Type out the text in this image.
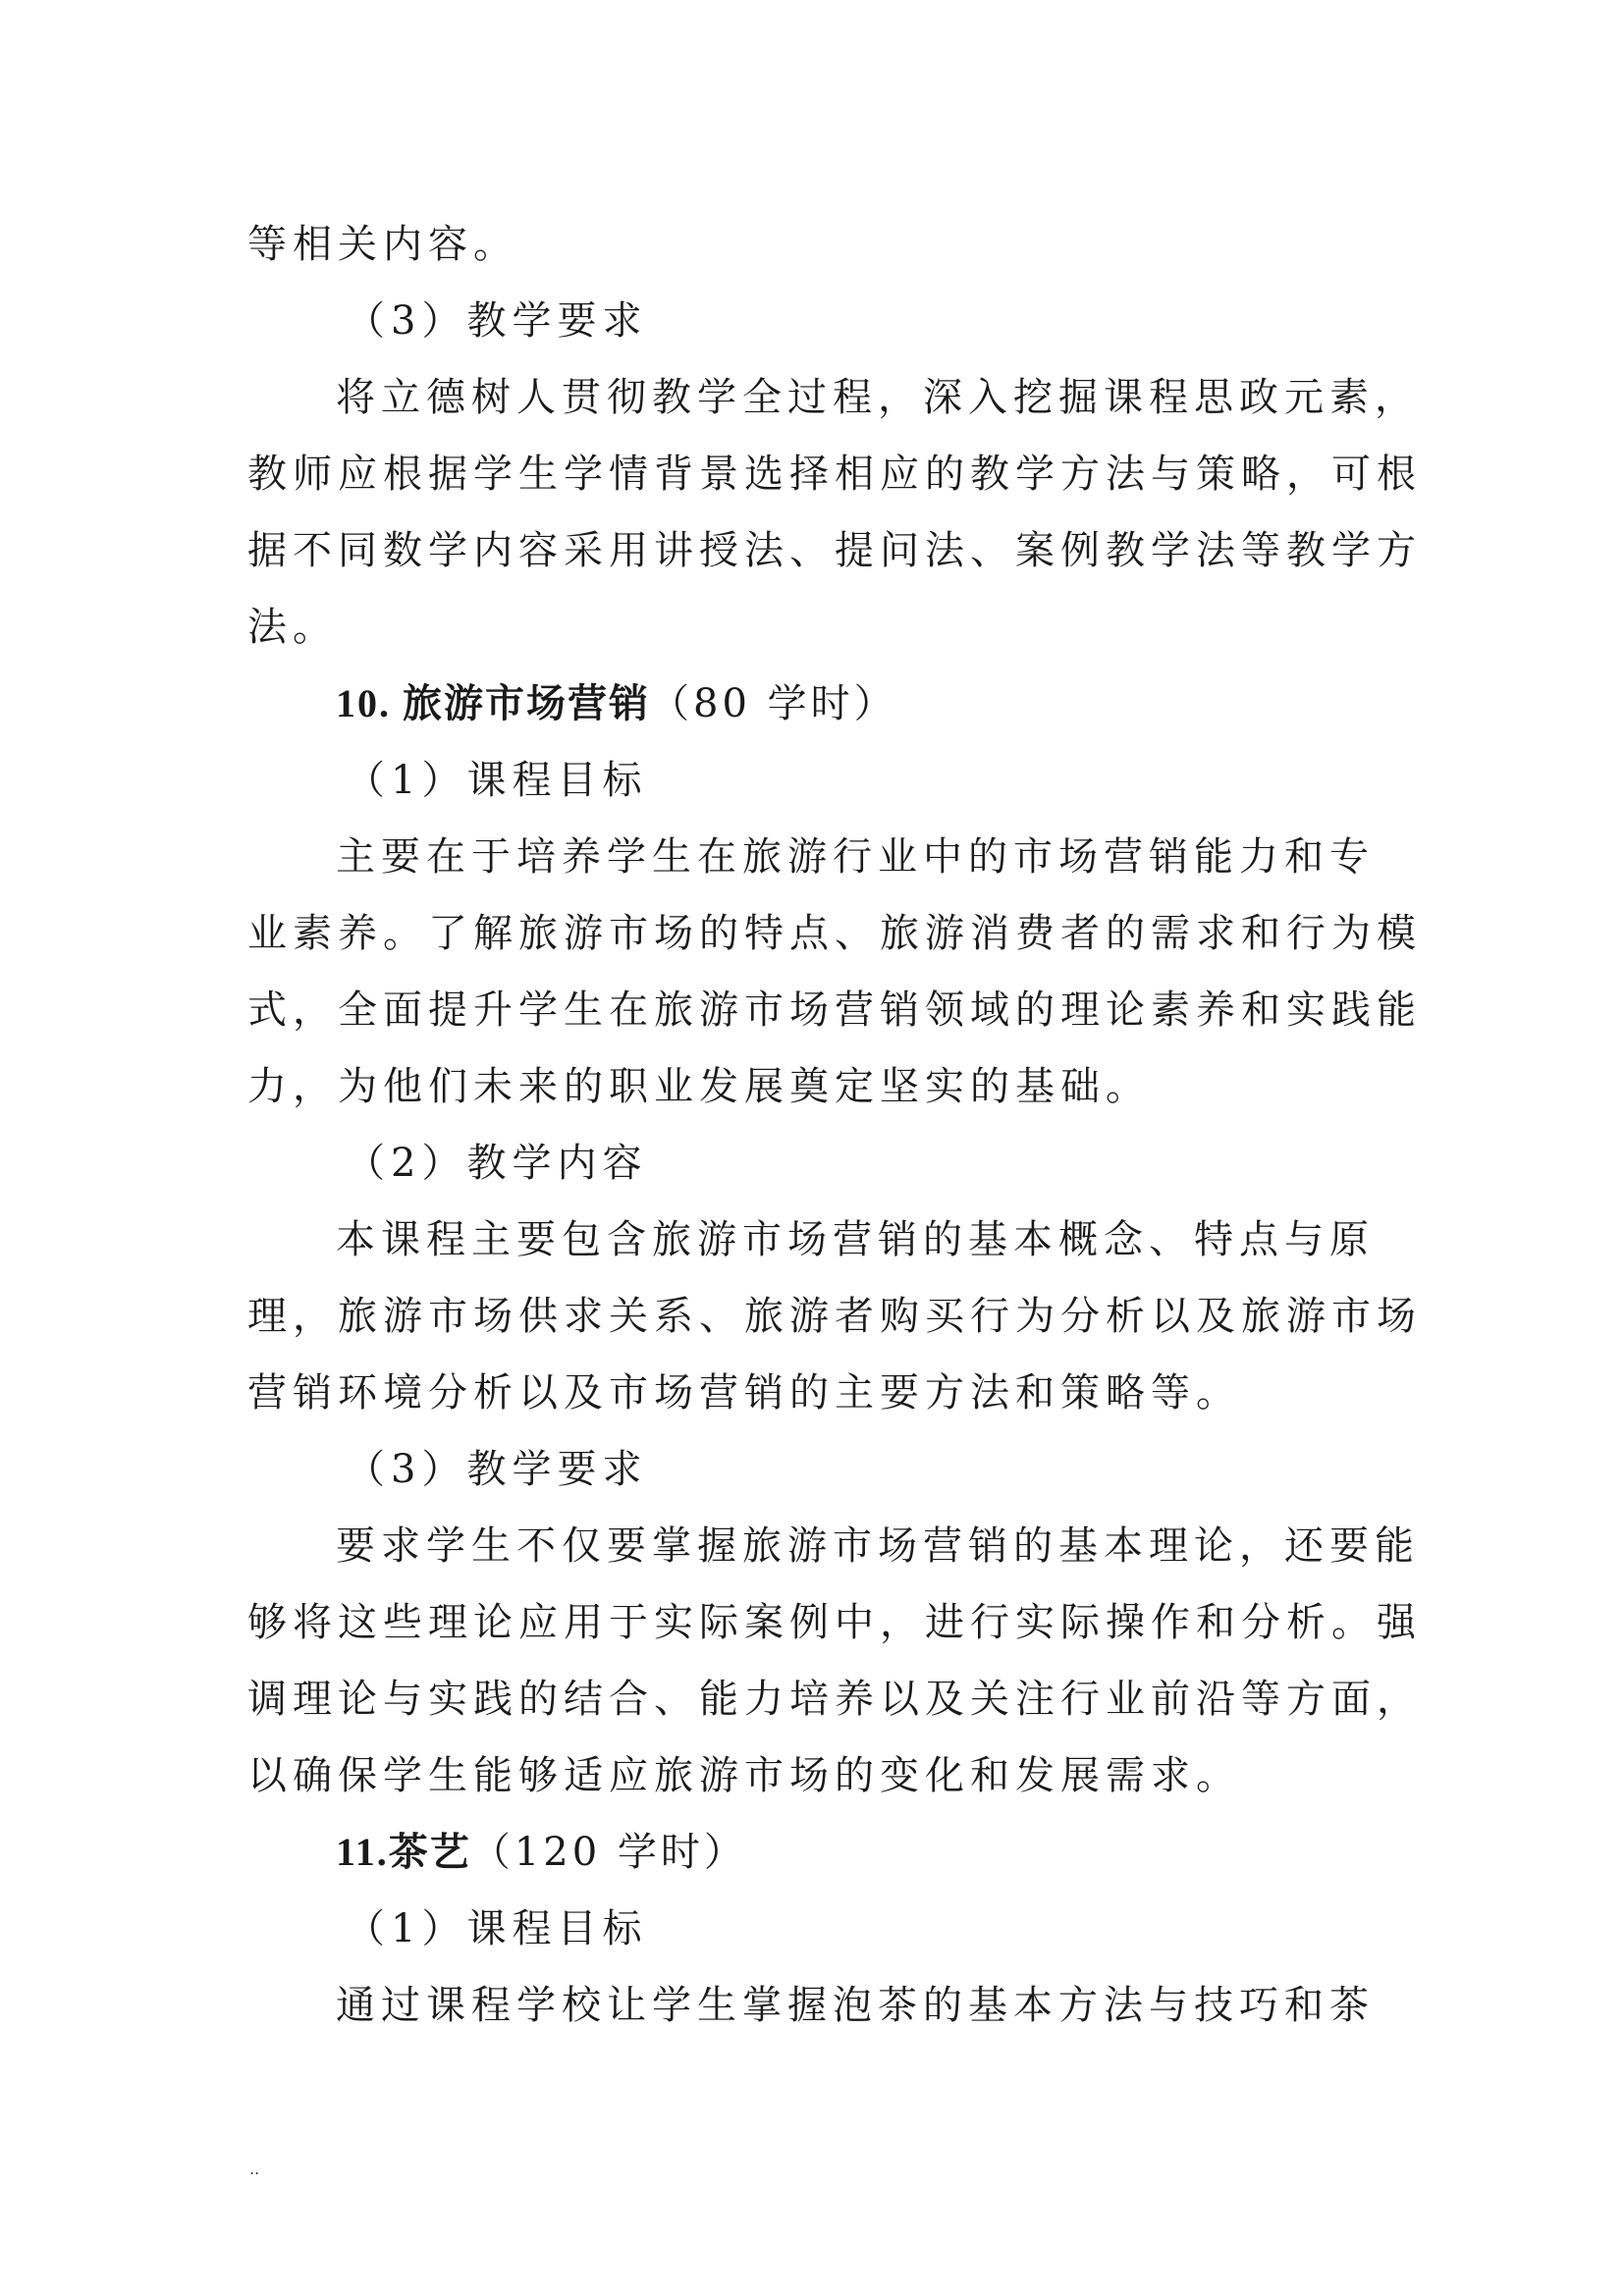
等相关内容。
（3）教学要求
将立德树人贯彻教学全过程，深入挖掘课程思政元素，
教师应根据学生学情背景选择相应的教学方法与策略，可根
据不同数学内容采用讲授法、提问法、案例教学法等教学方
法。
10. 旅游市场营销（80 学时）
（1）课程目标
主要在于培养学生在旅游行业中的市场营销能力和专
业素养。了解旅游市场的特点、旅游消费者的需求和行为模
式，全面提升学生在旅游市场营销领域的理论素养和实践能
力，为他们未来的职业发展奠定坚实的基础。
（2）教学内容
本课程主要包含旅游市场营销的基本概念、特点与原
理，旅游市场供求关系、旅游者购买行为分析以及旅游市场
营销环境分析以及市场营销的主要方法和策略等。
（3）教学要求
要求学生不仅要掌握旅游市场营销的基本理论，还要能
够将这些理论应用于实际案例中，进行实际操作和分析。强
调理论与实践的结合、能力培养以及关注行业前沿等方面，
以确保学生能够适应旅游市场的变化和发展需求。
11.茶艺（120 学时）
（1）课程目标
通过课程学校让学生掌握泡茶的基本方法与技巧和茶
..
